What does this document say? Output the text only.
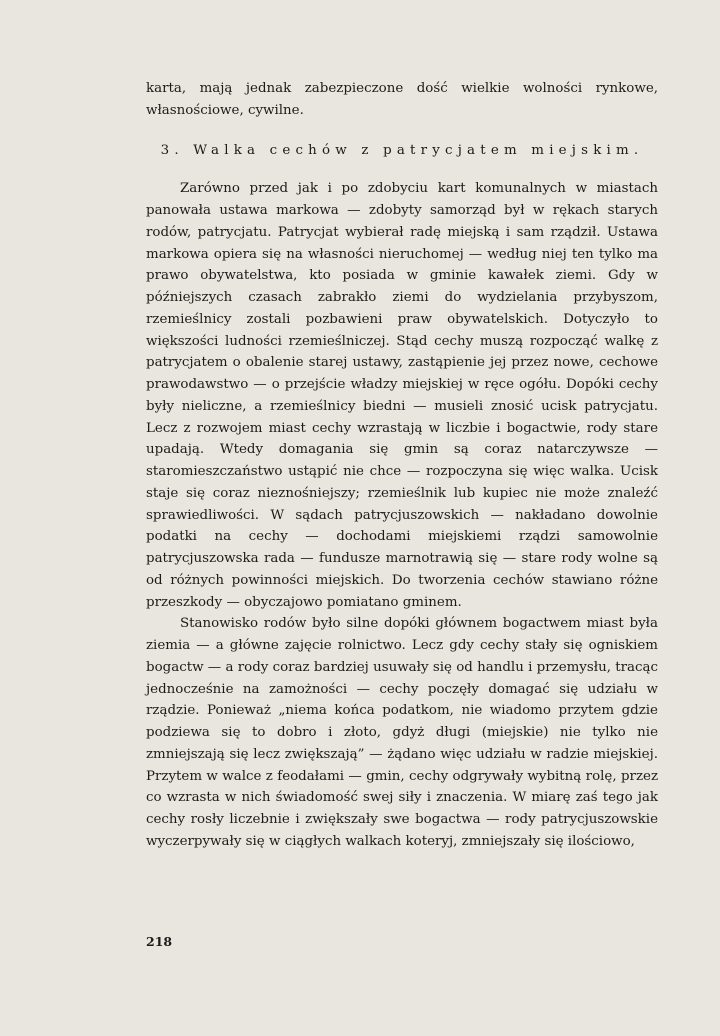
karta, mają jednak zabezpieczone dość wielkie wolności rynkowe, własnościowe, cywilne.

3. Walka cechów z patrycjatem miejskim.

Zarówno przed jak i po zdobyciu kart komunalnych w miastach panowała ustawa markowa — zdobyty samorząd był w rękach starych rodów, patrycjatu. Patrycjat wybierał radę miejską i sam rządził. Ustawa markowa opiera się na własności nieruchomej — według niej ten tylko ma prawo obywatelstwa, kto posiada w gminie kawałek ziemi. Gdy w późniejszych czasach zabrakło ziemi do wydzielania przybyszom, rzemieślnicy zostali pozbawieni praw obywatelskich. Dotyczyło to większości ludności rzemieślniczej. Stąd cechy muszą rozpocząć walkę z patrycjatem o obalenie starej ustawy, zastąpienie jej przez nowe, cechowe prawodawstwo — o przejście władzy miejskiej w ręce ogółu. Dopóki cechy były nieliczne, a rzemieślnicy biedni — musieli znosić ucisk patrycjatu. Lecz z rozwojem miast cechy wzrastają w liczbie i bogactwie, rody stare upadają. Wtedy domagania się gmin są coraz natarczywsze — staromieszczaństwo ustąpić nie chce — rozpoczyna się więc walka. Ucisk staje się coraz nieznośniejszy; rzemieślnik lub kupiec nie może znaleźć sprawiedliwości. W sądach patrycjuszowskich — nakładano dowolnie podatki na cechy — dochodami miejskiemi rządzi samowolnie patrycjuszowska rada — fundusze marnotrawią się — stare rody wolne są od różnych powinności miejskich. Do tworzenia cechów stawiano różne przeszkody — obyczajowo pomiatano gminem.

Stanowisko rodów było silne dopóki głównem bogactwem miast była ziemia — a główne zajęcie rolnictwo. Lecz gdy cechy stały się ogniskiem bogactw — a rody coraz bardziej usuwały się od handlu i przemysłu, tracąc jednocześnie na zamożności — cechy poczęły domagać się udziału w rządzie. Ponieważ „niema końca podatkom, nie wiadomo przytem gdzie podziewa się to dobro i złoto, gdyż długi (miejskie) nie tylko nie zmniejszają się lecz zwiększają” — żądano więc udziału w radzie miejskiej. Przytem w walce z feodałami — gmin, cechy odgrywały wybitną rolę, przez co wzrasta w nich świadomość swej siły i znaczenia. W miarę zaś tego jak cechy rosły liczebnie i zwiększały swe bogactwa — rody patrycjuszowskie wyczerpywały się w ciągłych walkach koteryj, zmniejszały się ilościowo,

218
